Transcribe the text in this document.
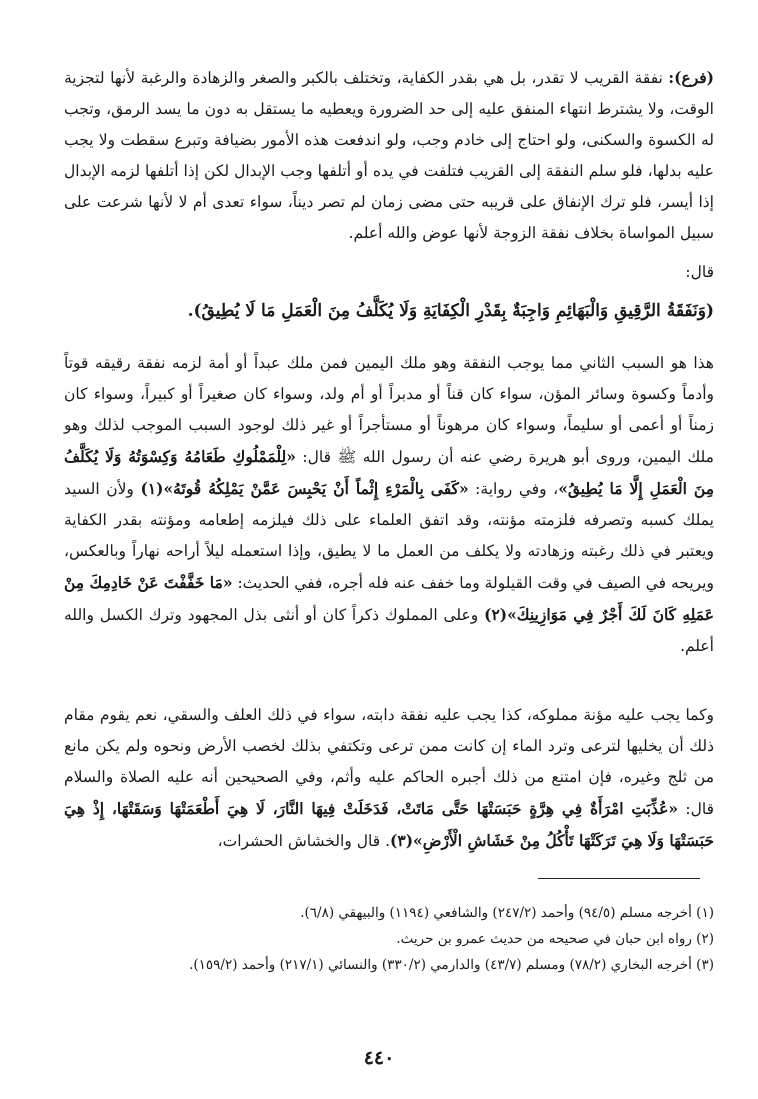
(فرع): نفقة القريب لا تقدر، بل هي بقدر الكفاية، وتختلف بالكبر والصغر والزهادة والرغبة لأنها لتجزية الوقت، ولا يشترط انتهاء المنفق عليه إلى حد الضرورة ويعطيه ما يستقل به دون ما يسد الرمق، وتجب له الكسوة والسكنى، ولو احتاج إلى خادم وجب، ولو اندفعت هذه الأمور بضيافة وتبرع سقطت ولا يجب عليه بدلها، فلو سلم النفقة إلى القريب فتلفت في يده أو أتلفها وجب الإبدال لكن إذا أتلفها لزمه الإبدال إذا أيسر، فلو ترك الإنفاق على قريبه حتى مضى زمان لم تصر ديناً، سواء تعدى أم لا لأنها شرعت على سبيل المواساة بخلاف نفقة الزوجة لأنها عوض والله أعلم.

قال:
(وَنَفَقَةُ الرَّقِيقِ وَالْبَهَائِمِ وَاجِبَةٌ بِقَدْرِ الْكِفَايَةِ وَلَا يُكَلَّفُ مِنَ الْعَمَلِ مَا لَا يُطِيقُ).

هذا هو السبب الثاني مما يوجب النفقة وهو ملك اليمين فمن ملك عبداً أو أمة لزمه نفقة رقيقه قوتاً وأدماً وكسوة وسائر المؤن، سواء كان قناً أو مدبراً أو أم ولد، وسواء كان صغيراً أو كبيراً، وسواء كان زمناً أو أعمى أو سليماً، وسواء كان مرهوناً أو مستأجراً أو غير ذلك لوجود السبب الموجب لذلك وهو ملك اليمين، وروى أبو هريرة رضي عنه أن رسول الله ﷺ قال: «لِلْمَمْلُوكِ طَعَامُهُ وَكِسْوَتُهُ وَلَا يُكَلَّفُ مِنَ الْعَمَلِ إِلَّا مَا يُطِيقُ»، وفي رواية: «كَفَى بِالْمَرْءِ إِثْماً أَنْ يَحْبِسَ عَمَّنْ يَمْلِكُهُ قُوتَهُ»(١) ولأن السيد يملك كسبه وتصرفه فلزمته مؤنته، وقد اتفق العلماء على ذلك فيلزمه إطعامه ومؤنته بقدر الكفاية ويعتبر في ذلك رغبته وزهادته ولا يكلف من العمل ما لا يطيق، وإذا استعمله ليلاً أراحه نهاراً وبالعكس، ويريحه في الصيف في وقت القيلولة وما خفف عنه فله أجره، ففي الحديث: «مَا خَفَّفْتَ عَنْ خَادِمِكَ مِنْ عَمَلِهِ كَانَ لَكَ أَجْرٌ فِي مَوَازِينِكَ»(٢) وعلى المملوك ذكراً كان أو أنثى بذل المجهود وترك الكسل والله أعلم.

وكما يجب عليه مؤنة مملوكه، كذا يجب عليه نفقة دابته، سواء في ذلك العلف والسقي، نعم يقوم مقام ذلك أن يخليها لترعى وترد الماء إن كانت ممن ترعى وتكتفي بذلك لخصب الأرض ونحوه ولم يكن مانع من ثلج وغيره، فإن امتنع من ذلك أجبره الحاكم عليه وأثم، وفي الصحيحين أنه عليه الصلاة والسلام قال: «عُذِّبَتِ امْرَأَةٌ فِي هِرَّةٍ حَبَسَتْهَا حَتَّى مَاتَتْ، فَدَخَلَتْ فِيهَا النَّارَ، لَا هِيَ أَطْعَمَتْهَا وَسَقَتْهَا، إِذْ هِيَ حَبَسَتْهَا وَلَا هِيَ تَرَكَتْهَا تَأْكُلُ مِنْ خَشَاشِ الْأَرْضِ»(٣). قال والخشاش الحشرات،

(١) أخرجه مسلم (٩٤/٥) وأحمد (٢٤٧/٢) والشافعي (١١٩٤) والبيهقي (٦/٨).
(٢) رواه ابن حبان في صحيحه من حديث عمرو بن حريث.
(٣) أخرجه البخاري (٧٨/٢) ومسلم (٤٣/٧) والدارمي (٣٣٠/٢) والنسائي (٢١٧/١) وأحمد (١٥٩/٢).
٤٤٠
